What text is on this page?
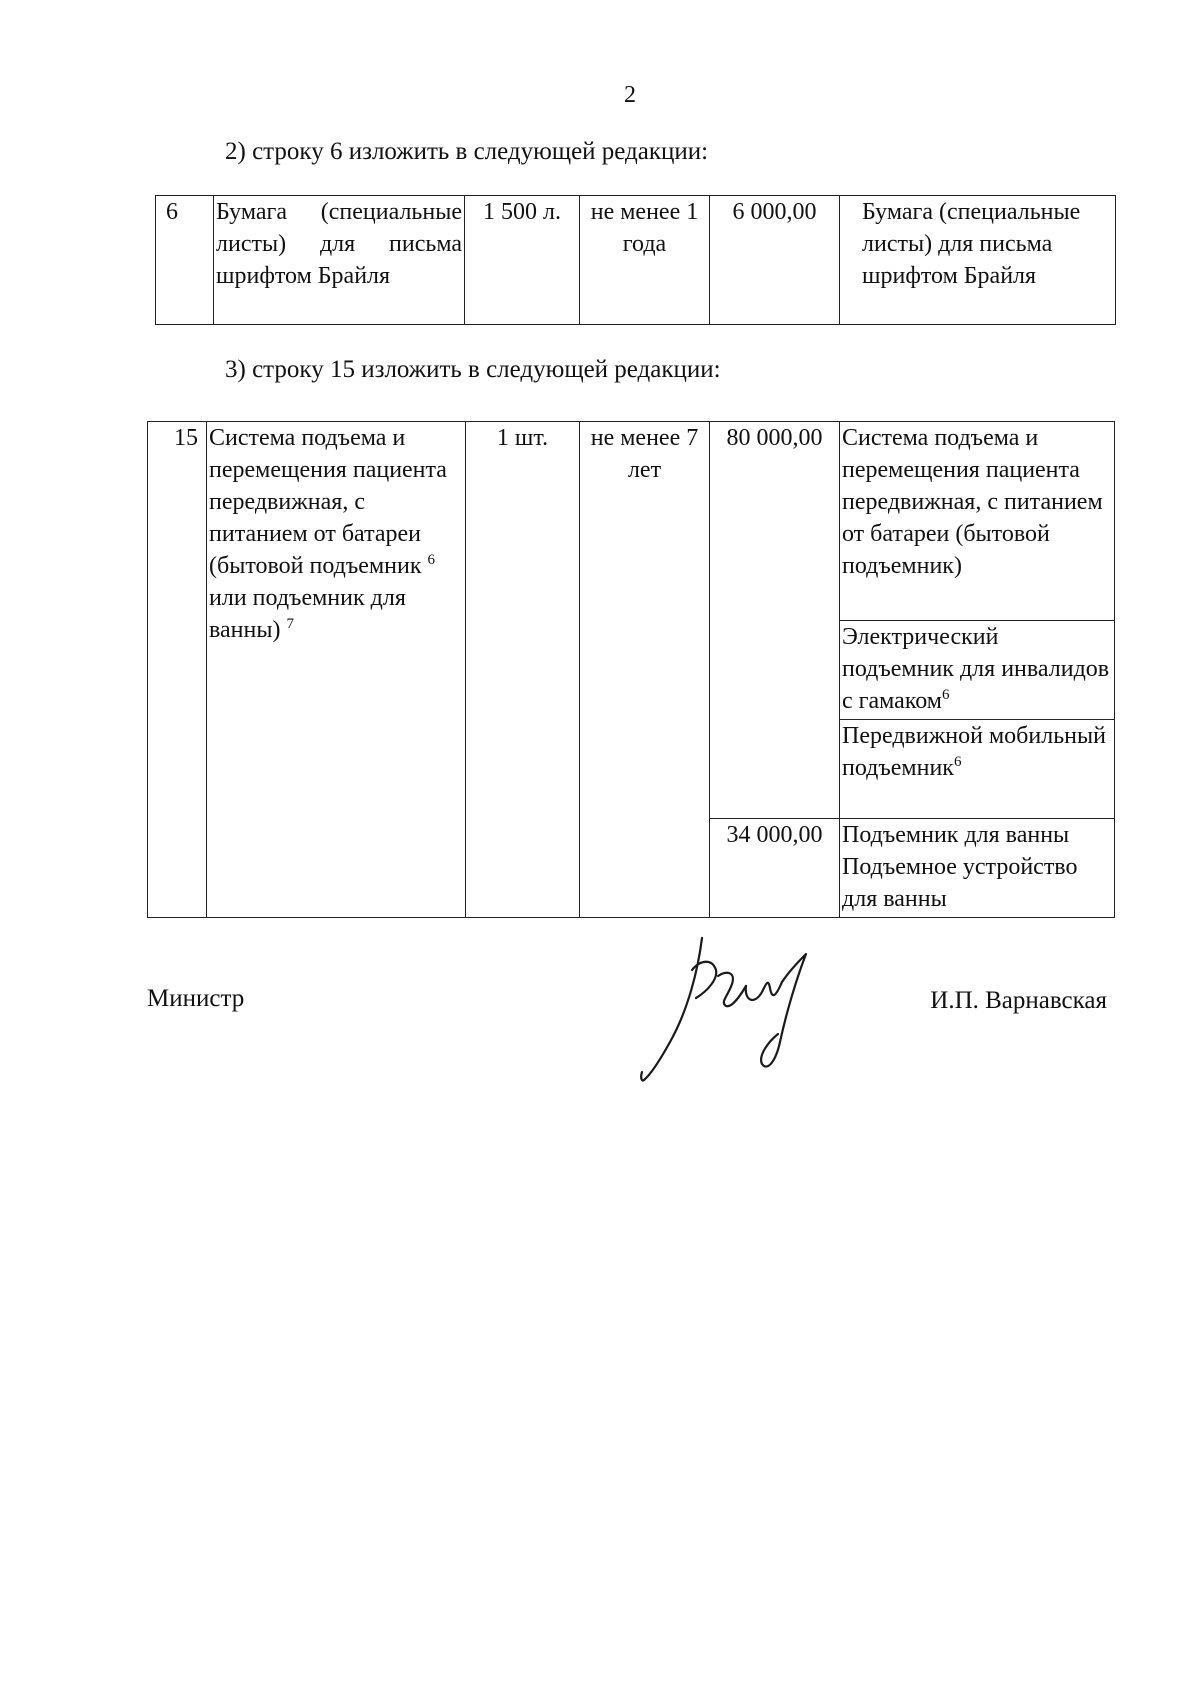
2
2) строку 6 изложить в следующей редакции:
6	Бумага (специальные листы) для письма шрифтом Брайля	1 500 л.	не менее 1 года	6 000,00	Бумага (специальные листы) для письма шрифтом Брайля
3) строку 15 изложить в следующей редакции:
15	Система подъема и перемещения пациента передвижная, с питанием от батареи (бытовой подъемник $^6$ или подъемник для ванны) $^7$	1 шт.	не менее 7 лет	80 000,00	Система подъема и перемещения пациента передвижная, с питанием от батареи (бытовой подъемник)
					Электрический подъемник для инвалидов с гамаком$^6$
					Передвижной мобильный подъемник$^6$
				34 000,00	Подъемник для ванны
Подъемное устройство для ванны
Министр	И.П. Варнавская
